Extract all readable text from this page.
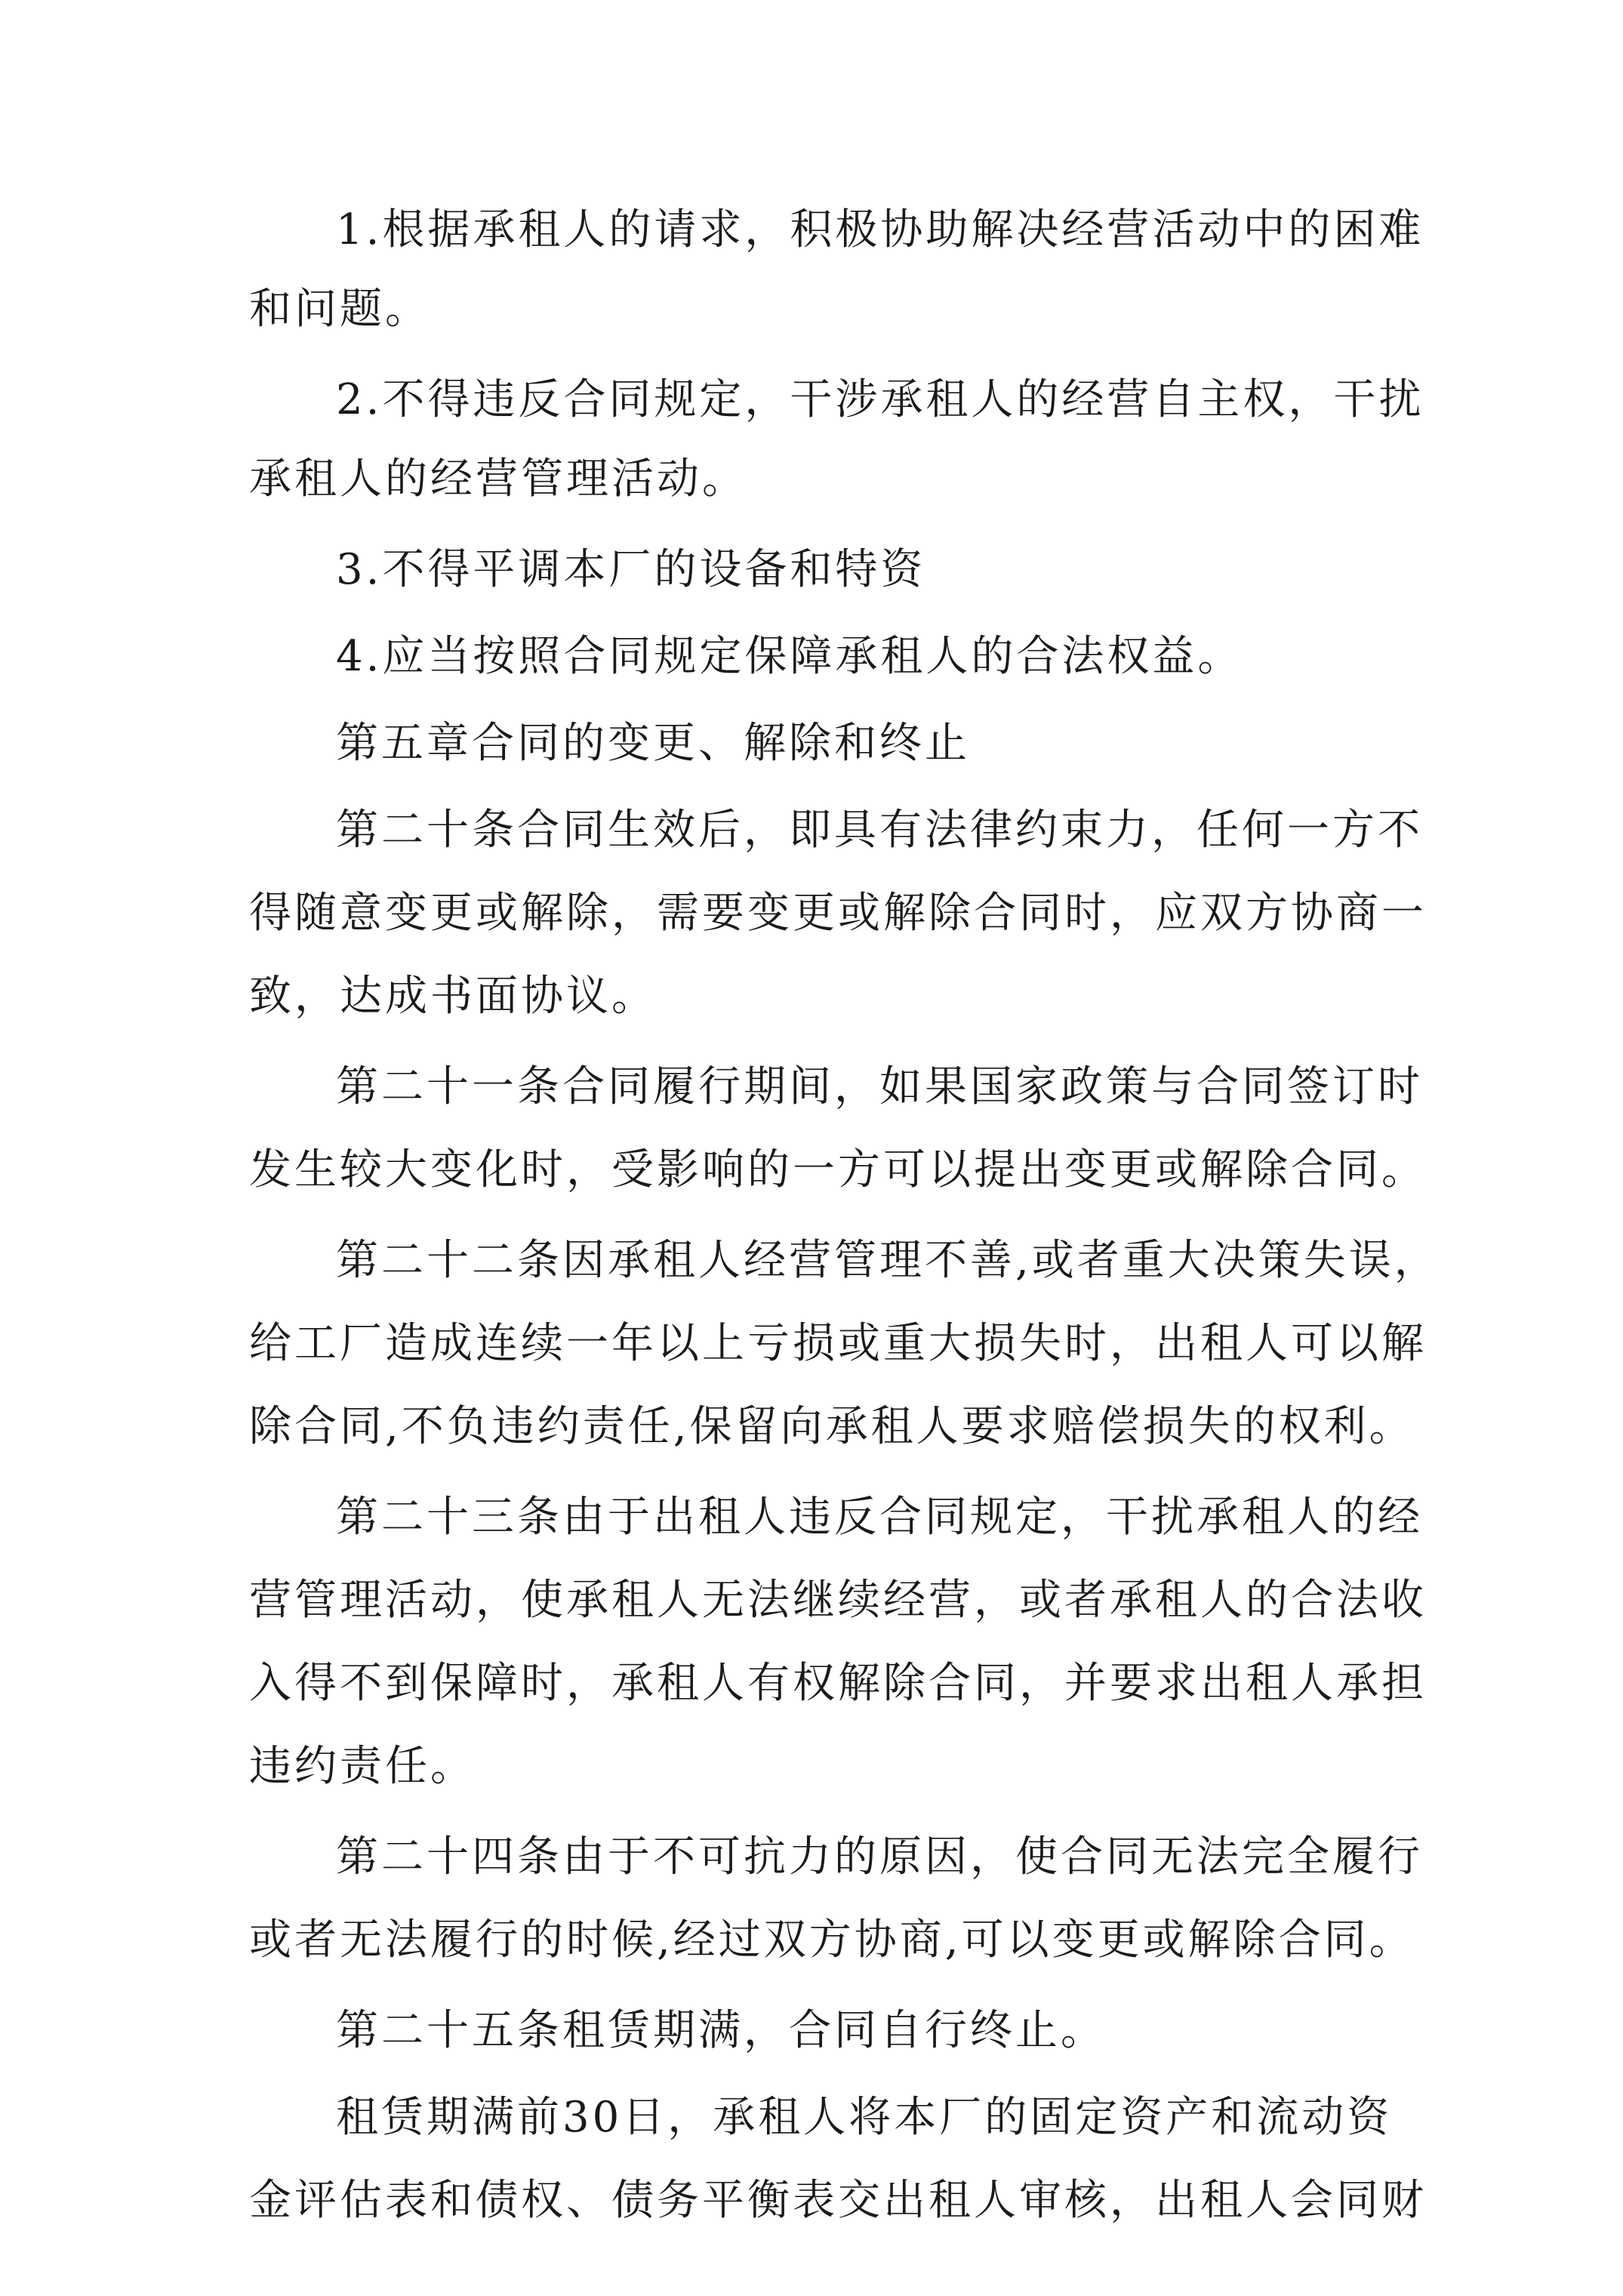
1.根据承租人的请求，积极协助解决经营活动中的困难
和问题。
2.不得违反合同规定，干涉承租人的经营自主权，干扰
承租人的经营管理活动。
3.不得平调本厂的设备和特资
4.应当按照合同规定保障承租人的合法权益。
第五章合同的变更、解除和终止
第二十条合同生效后，即具有法律约束力，任何一方不
得随意变更或解除，需要变更或解除合同时，应双方协商一
致，达成书面协议。
第二十一条合同履行期间，如果国家政策与合同签订时
发生较大变化时，受影响的一方可以提出变更或解除合同。
第二十二条因承租人经营管理不善,或者重大决策失误，
给工厂造成连续一年以上亏损或重大损失时，出租人可以解
除合同,不负违约责任,保留向承租人要求赔偿损失的权利。
第二十三条由于出租人违反合同规定，干扰承租人的经
营管理活动，使承租人无法继续经营，或者承租人的合法收
入得不到保障时，承租人有权解除合同，并要求出租人承担
违约责任。
第二十四条由于不可抗力的原因，使合同无法完全履行
或者无法履行的时候,经过双方协商,可以变更或解除合同。
第二十五条租赁期满，合同自行终止。
租赁期满前30日，承租人将本厂的固定资产和流动资
金评估表和债权、债务平衡表交出租人审核，出租人会同财
